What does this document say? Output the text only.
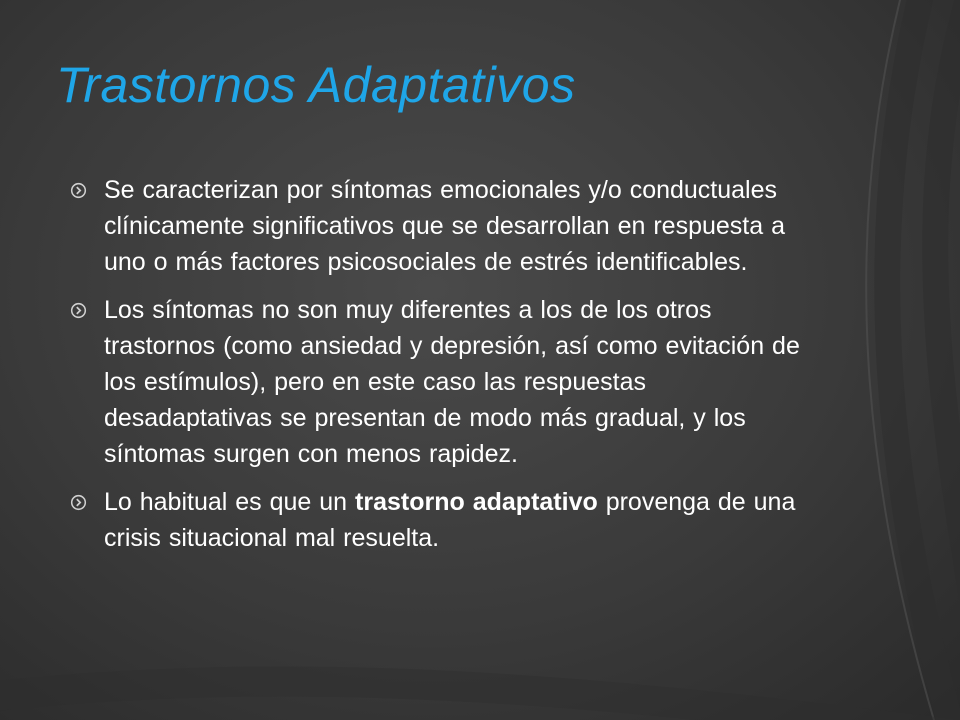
Trastornos Adaptativos
Se caracterizan por síntomas emocionales y/o conductuales clínicamente significativos que se desarrollan en respuesta a uno o más factores psicosociales de estrés identificables.
Los síntomas no son muy diferentes a los de los otros trastornos (como ansiedad y depresión, así como evitación de los estímulos), pero en este caso las respuestas desadaptativas se presentan de modo más gradual, y los síntomas surgen con menos rapidez.
Lo habitual es que un trastorno adaptativo provenga de una crisis situacional mal resuelta.
